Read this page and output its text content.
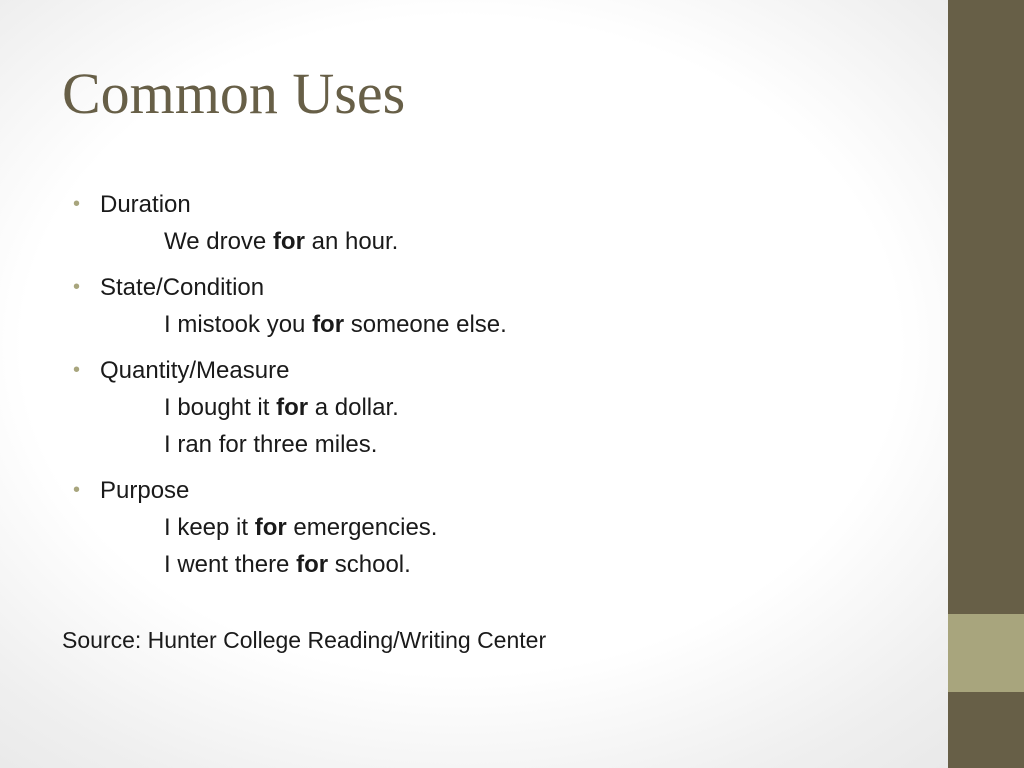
Common Uses
• Duration
We drove for an hour.
• State/Condition
I mistook you for someone else.
• Quantity/Measure
I bought it for a dollar.
I ran for three miles.
• Purpose
I keep it for emergencies.
I went there for school.
Source: Hunter College Reading/Writing Center
